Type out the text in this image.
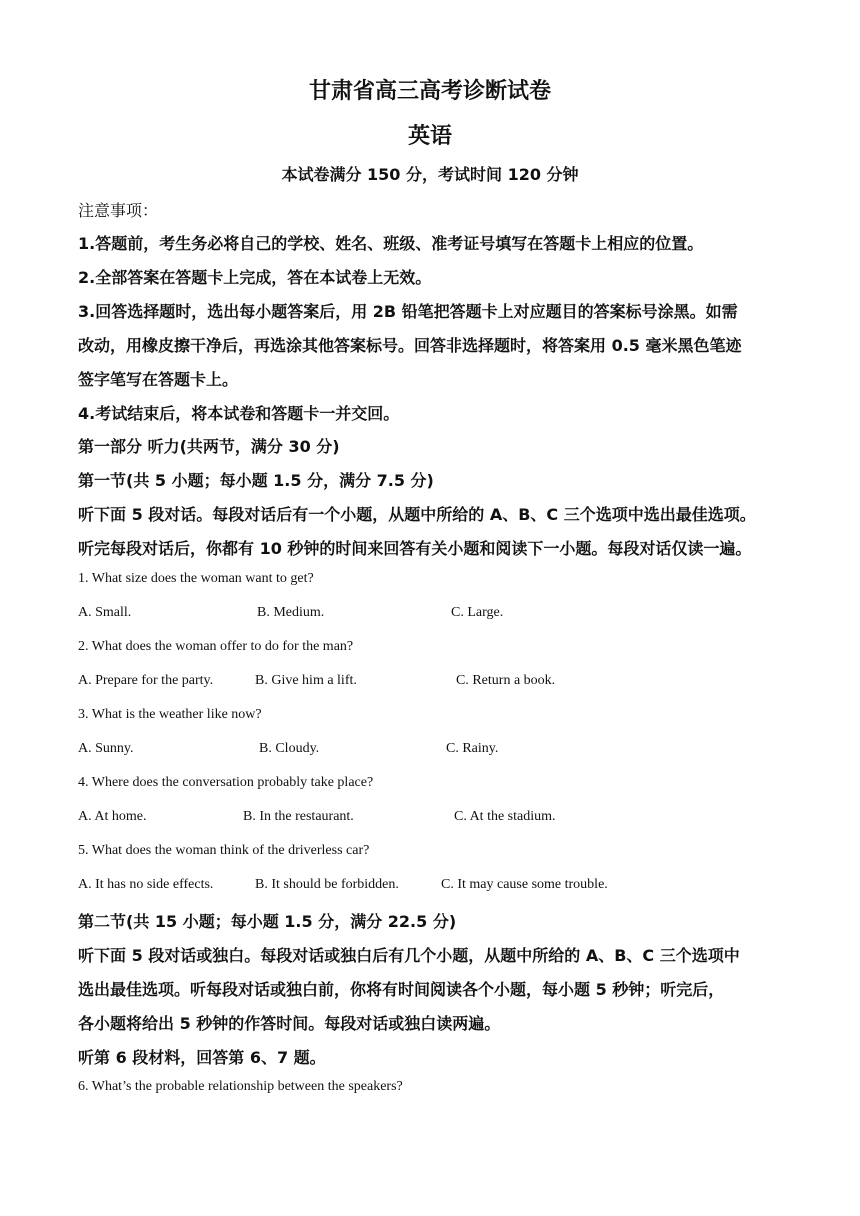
甘肃省高三高考诊断试卷
英语
本试卷满分 150 分，考试时间 120 分钟
注意事项：
1.答题前，考生务必将自己的学校、姓名、班级、准考证号填写在答题卡上相应的位置。
2.全部答案在答题卡上完成，答在本试卷上无效。
3.回答选择题时，选出每小题答案后，用 2B 铅笔把答题卡上对应题目的答案标号涂黑。如需
改动，用橡皮擦干净后，再选涂其他答案标号。回答非选择题时，将答案用 0.5 毫米黑色笔迹
签字笔写在答题卡上。
4.考试结束后，将本试卷和答题卡一并交回。
第一部分 听力(共两节，满分 30 分)
第一节(共 5 小题；每小题 1.5 分，满分 7.5 分)
听下面 5 段对话。每段对话后有一个小题，从题中所给的 A、B、C 三个选项中选出最佳选项。
听完每段对话后，你都有 10 秒钟的时间来回答有关小题和阅读下一小题。每段对话仅读一遍。
1. What size does the woman want to get?
A. Small.	B. Medium.	C. Large.
2. What does the woman offer to do for the man?
A. Prepare for the party.	B. Give him a lift.	C. Return a book.
3. What is the weather like now?
A. Sunny.	B. Cloudy.	C. Rainy.
4. Where does the conversation probably take place?
A. At home.	B. In the restaurant.	C. At the stadium.
5. What does the woman think of the driverless car?
A. It has no side effects.	B. It should be forbidden.	C. It may cause some trouble.
第二节(共 15 小题；每小题 1.5 分，满分 22.5 分)
听下面 5 段对话或独白。每段对话或独白后有几个小题，从题中所给的 A、B、C 三个选项中
选出最佳选项。听每段对话或独白前，你将有时间阅读各个小题，每小题 5 秒钟；听完后，
各小题将给出 5 秒钟的作答时间。每段对话或独白读两遍。
听第 6 段材料，回答第 6、7 题。
6. What’s the probable relationship between the speakers?
